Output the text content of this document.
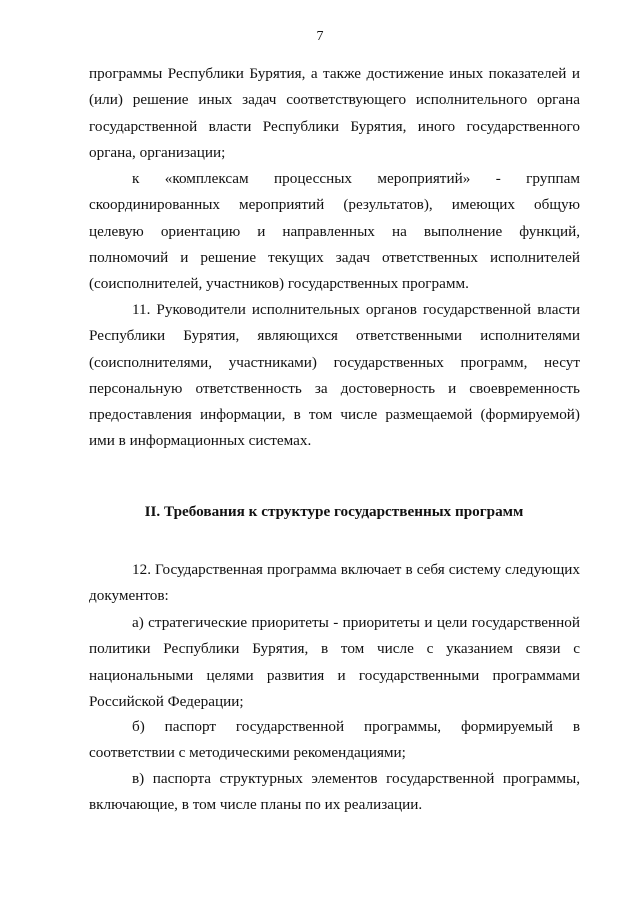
7
программы Республики Бурятия, а также достижение иных показателей и
(или) решение иных задач соответствующего исполнительного органа
государственной власти Республики Бурятия, иного государственного
органа, организации;
к «комплексам процессных мероприятий» - группам
скоординированных мероприятий (результатов), имеющих общую
целевую ориентацию и направленных на выполнение функций,
полномочий и решение текущих задач ответственных исполнителей
(соисполнителей, участников) государственных программ.
11. Руководители исполнительных органов государственной власти
Республики Бурятия, являющихся ответственными исполнителями
(соисполнителями, участниками) государственных программ, несут
персональную ответственность за достоверность и своевременность
предоставления информации, в том числе размещаемой (формируемой)
ими в информационных системах.
II. Требования к структуре государственных программ
12. Государственная программа включает в себя систему следующих
документов:
а) стратегические приоритеты - приоритеты и цели государственной
политики Республики Бурятия, в том числе с указанием связи с
национальными целями развития и государственными программами
Российской Федерации;
б) паспорт государственной программы, формируемый в
соответствии с методическими рекомендациями;
в) паспорта структурных элементов государственной программы,
включающие, в том числе планы по их реализации.
